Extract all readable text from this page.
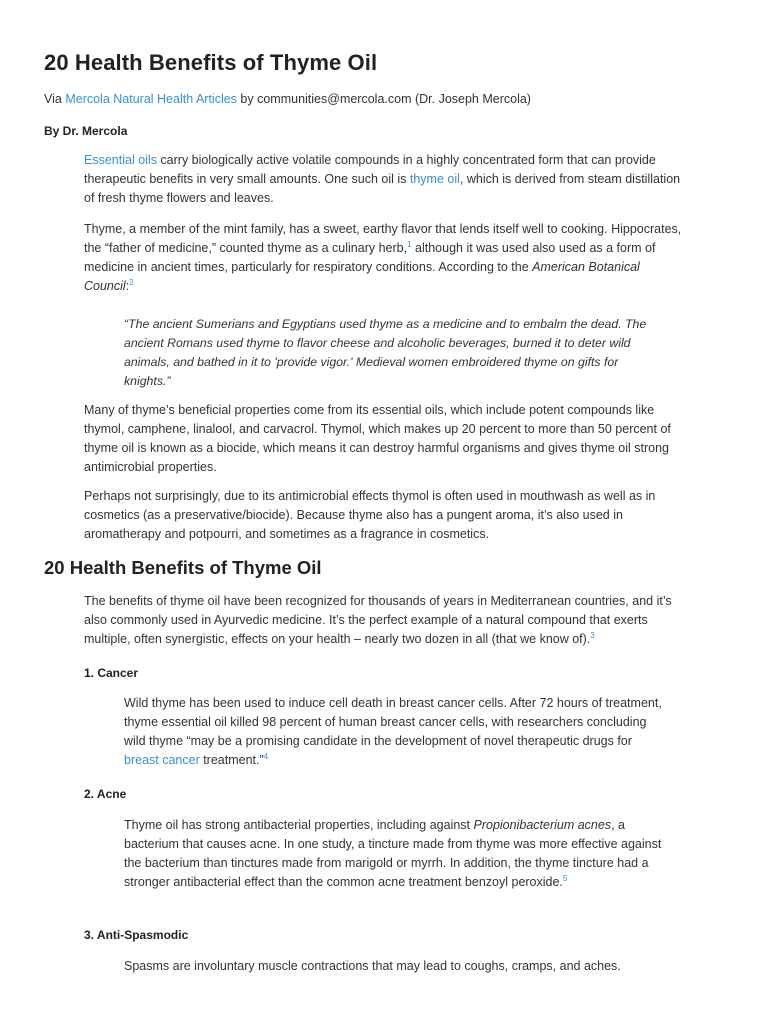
20 Health Benefits of Thyme Oil
Via Mercola Natural Health Articles by communities@mercola.com (Dr. Joseph Mercola)
By Dr. Mercola

Essential oils carry biologically active volatile compounds in a highly concentrated form that can provide therapeutic benefits in very small amounts. One such oil is thyme oil, which is derived from steam distillation of fresh thyme flowers and leaves.

Thyme, a member of the mint family, has a sweet, earthy flavor that lends itself well to cooking. Hippocrates, the “father of medicine,” counted thyme as a culinary herb,$^1$ although it was used also used as a form of medicine in ancient times, particularly for respiratory conditions. According to the American Botanical Council:$^2$

“The ancient Sumerians and Egyptians used thyme as a medicine and to embalm the dead. The ancient Romans used thyme to flavor cheese and alcoholic beverages, burned it to deter wild animals, and bathed in it to 'provide vigor.' Medieval women embroidered thyme on gifts for knights.”

Many of thyme’s beneficial properties come from its essential oils, which include potent compounds like thymol, camphene, linalool, and carvacrol. Thymol, which makes up 20 percent to more than 50 percent of thyme oil is known as a biocide, which means it can destroy harmful organisms and gives thyme oil strong antimicrobial properties.

Perhaps not surprisingly, due to its antimicrobial effects thymol is often used in mouthwash as well as in cosmetics (as a preservative/biocide). Because thyme also has a pungent aroma, it’s also used in aromatherapy and potpourri, and sometimes as a fragrance in cosmetics.

20 Health Benefits of Thyme Oil

The benefits of thyme oil have been recognized for thousands of years in Mediterranean countries, and it’s also commonly used in Ayurvedic medicine. It’s the perfect example of a natural compound that exerts multiple, often synergistic, effects on your health – nearly two dozen in all (that we know of).$^3$

1. Cancer

Wild thyme has been used to induce cell death in breast cancer cells. After 72 hours of treatment, thyme essential oil killed 98 percent of human breast cancer cells, with researchers concluding wild thyme “may be a promising candidate in the development of novel therapeutic drugs for breast cancer treatment.”$^4$

2. Acne

Thyme oil has strong antibacterial properties, including against Propionibacterium acnes, a bacterium that causes acne. In one study, a tincture made from thyme was more effective against the bacterium than tinctures made from marigold or myrrh. In addition, the thyme tincture had a stronger antibacterial effect than the common acne treatment benzoyl peroxide.$^5$

3. Anti-Spasmodic

Spasms are involuntary muscle contractions that may lead to coughs, cramps, and aches.
